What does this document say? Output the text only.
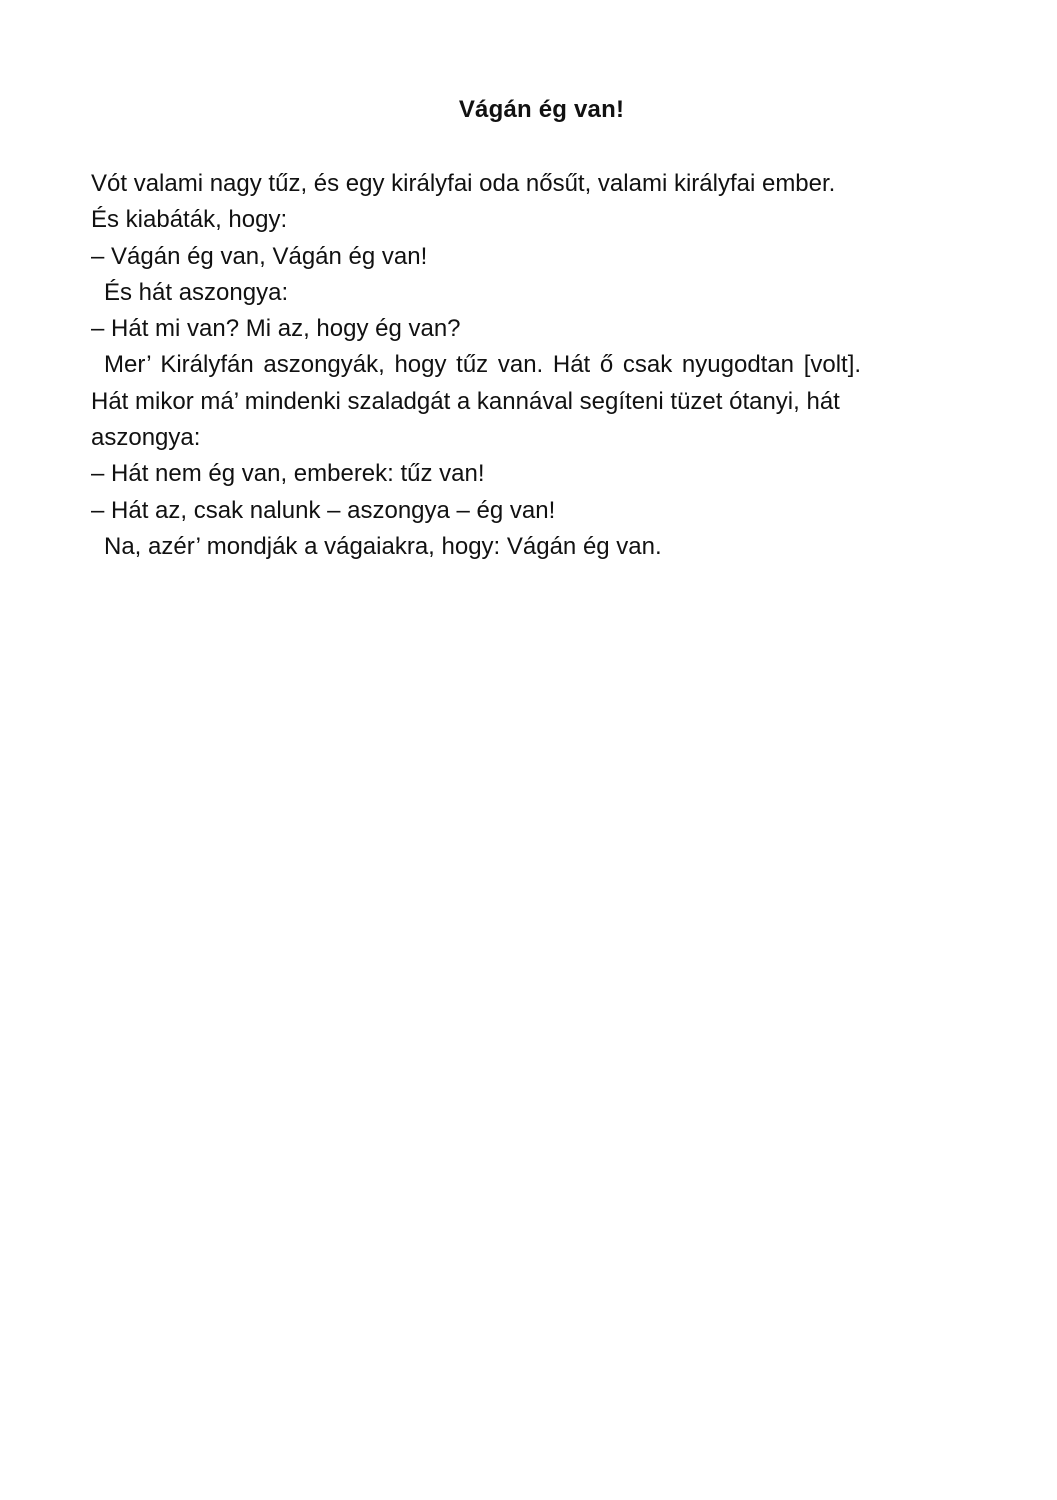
Vágán ég van!
Vót valami nagy tűz, és egy királyfai oda nősűt, valami királyfai ember.
És kiabáták, hogy:
– Vágán ég van, Vágán ég van!
És hát aszongya:
– Hát mi van? Mi az, hogy ég van?
Mer’ Királyfán aszongyák, hogy tűz van. Hát ő csak nyugodtan [volt].
Hát mikor má’ mindenki szaladgát a kannával segíteni tüzet ótanyi, hát
aszongya:
– Hát nem ég van, emberek: tűz van!
– Hát az, csak nalunk – aszongya – ég van!
Na, azér’ mondják a vágaiakra, hogy: Vágán ég van.
